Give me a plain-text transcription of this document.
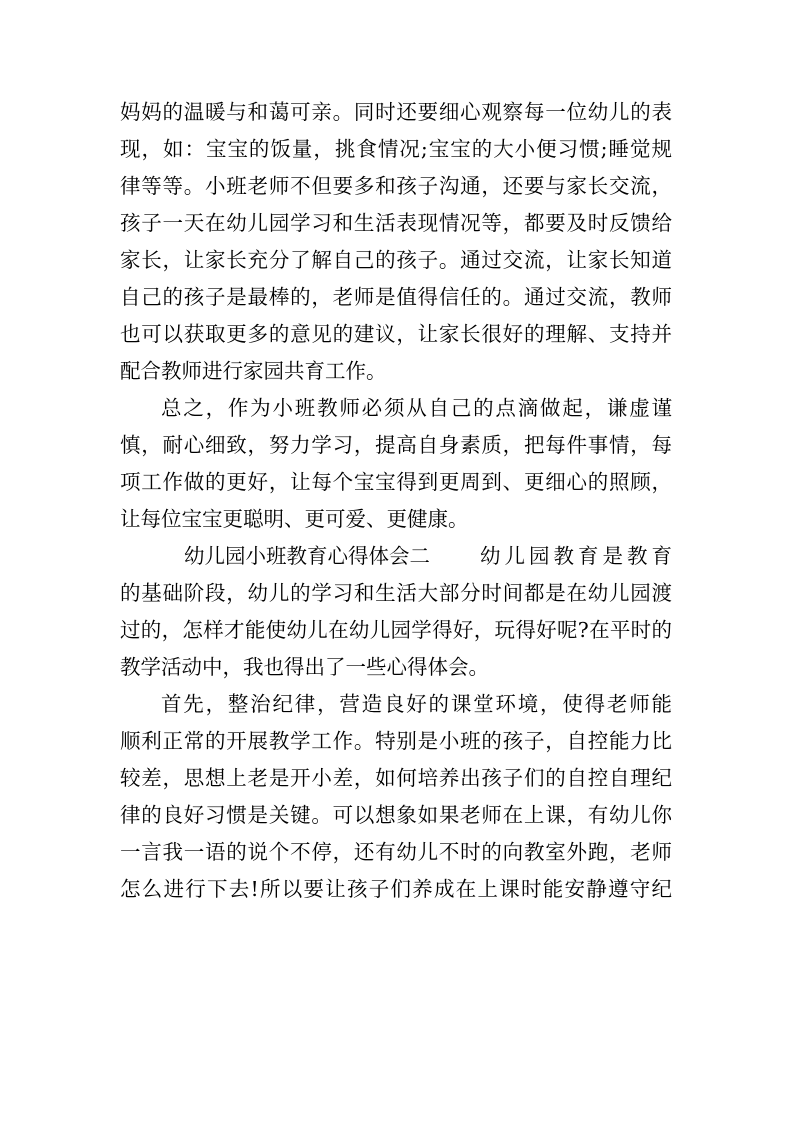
妈妈的温暖与和蔼可亲。同时还要细心观察每一位幼儿的表

现，如：宝宝的饭量，挑食情况;宝宝的大小便习惯;睡觉规

律等等。小班老师不但要多和孩子沟通，还要与家长交流，

孩子一天在幼儿园学习和生活表现情况等，都要及时反馈给

家长，让家长充分了解自己的孩子。通过交流，让家长知道

自己的孩子是最棒的，老师是值得信任的。通过交流，教师

也可以获取更多的意见的建议，让家长很好的理解、支持并

配合教师进行家园共育工作。

总之，作为小班教师必须从自己的点滴做起，谦虚谨

慎，耐心细致，努力学习，提高自身素质，把每件事情，每

项工作做的更好，让每个宝宝得到更周到、更细心的照顾，

让每位宝宝更聪明、更可爱、更健康。

幼儿园小班教育心得体会二	幼儿园教育是教育

的基础阶段，幼儿的学习和生活大部分时间都是在幼儿园渡

过的，怎样才能使幼儿在幼儿园学得好，玩得好呢?在平时的

教学活动中，我也得出了一些心得体会。

首先，整治纪律，营造良好的课堂环境，使得老师能

顺利正常的开展教学工作。特别是小班的孩子，自控能力比

较差，思想上老是开小差，如何培养出孩子们的自控自理纪

律的良好习惯是关键。可以想象如果老师在上课，有幼儿你

一言我一语的说个不停，还有幼儿不时的向教室外跑，老师

怎么进行下去!所以要让孩子们养成在上课时能安静遵守纪
